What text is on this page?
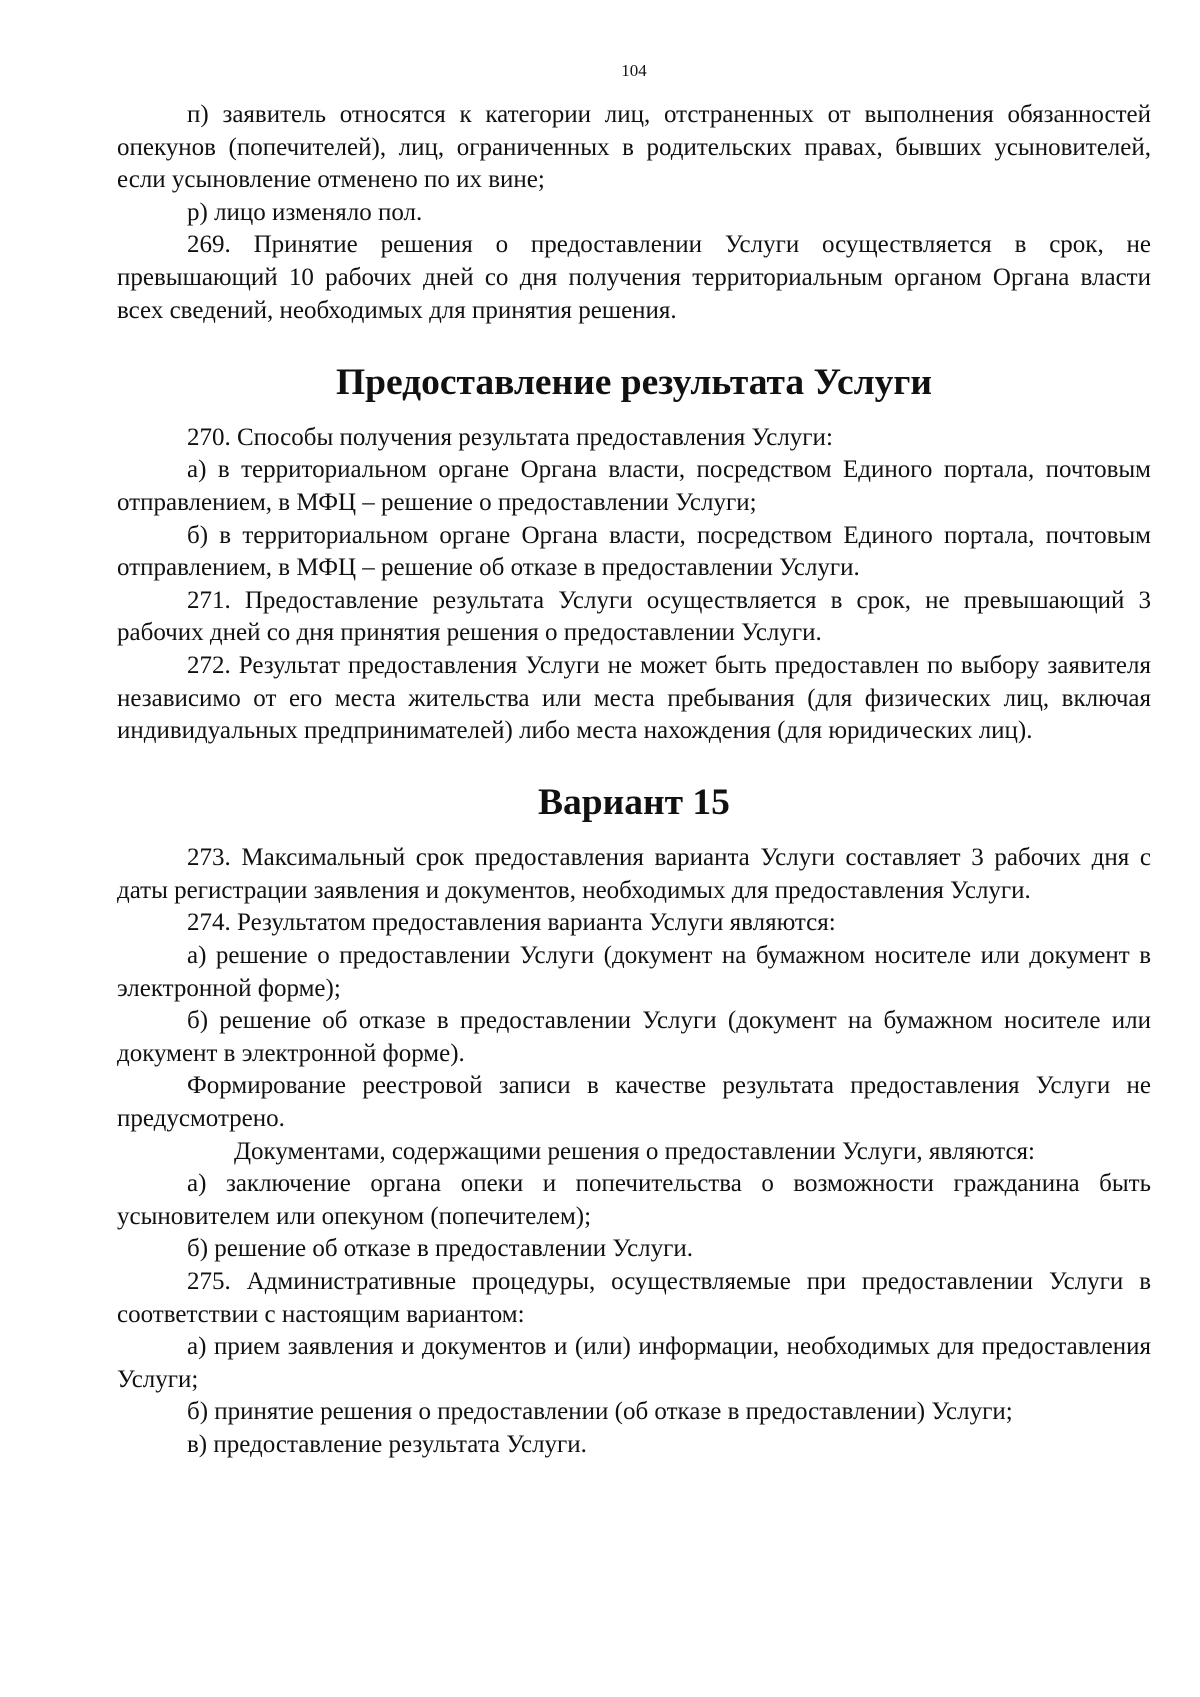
104

п) заявитель относятся к категории лиц, отстраненных от выполнения обязанностей опекунов (попечителей), лиц, ограниченных в родительских правах, бывших усыновителей, если усыновление отменено по их вине;

р) лицо изменяло пол.

269. Принятие решения о предоставлении Услуги осуществляется в срок, не превышающий 10 рабочих дней со дня получения территориальным органом Органа власти всех сведений, необходимых для принятия решения.

Предоставление результата Услуги

270. Способы получения результата предоставления Услуги:

а) в территориальном органе Органа власти, посредством Единого портала, почтовым отправлением, в МФЦ – решение о предоставлении Услуги;

б) в территориальном органе Органа власти, посредством Единого портала, почтовым отправлением, в МФЦ – решение об отказе в предоставлении Услуги.

271. Предоставление результата Услуги осуществляется в срок, не превышающий 3 рабочих дней со дня принятия решения о предоставлении Услуги.

272. Результат предоставления Услуги не может быть предоставлен по выбору заявителя независимо от его места жительства или места пребывания (для физических лиц, включая индивидуальных предпринимателей) либо места нахождения (для юридических лиц).

Вариант 15

273. Максимальный срок предоставления варианта Услуги составляет 3 рабочих дня с даты регистрации заявления и документов, необходимых для предоставления Услуги.

274. Результатом предоставления варианта Услуги являются:

а) решение о предоставлении Услуги (документ на бумажном носителе или документ в электронной форме);

б) решение об отказе в предоставлении Услуги (документ на бумажном носителе или документ в электронной форме).

Формирование реестровой записи в качестве результата предоставления Услуги не предусмотрено.

Документами, содержащими решения о предоставлении Услуги, являются:

а) заключение органа опеки и попечительства о возможности гражданина быть усыновителем или опекуном (попечителем);

б) решение об отказе в предоставлении Услуги.

275. Административные процедуры, осуществляемые при предоставлении Услуги в соответствии с настоящим вариантом:

а) прием заявления и документов и (или) информации, необходимых для предоставления Услуги;

б) принятие решения о предоставлении (об отказе в предоставлении) Услуги;

в) предоставление результата Услуги.
